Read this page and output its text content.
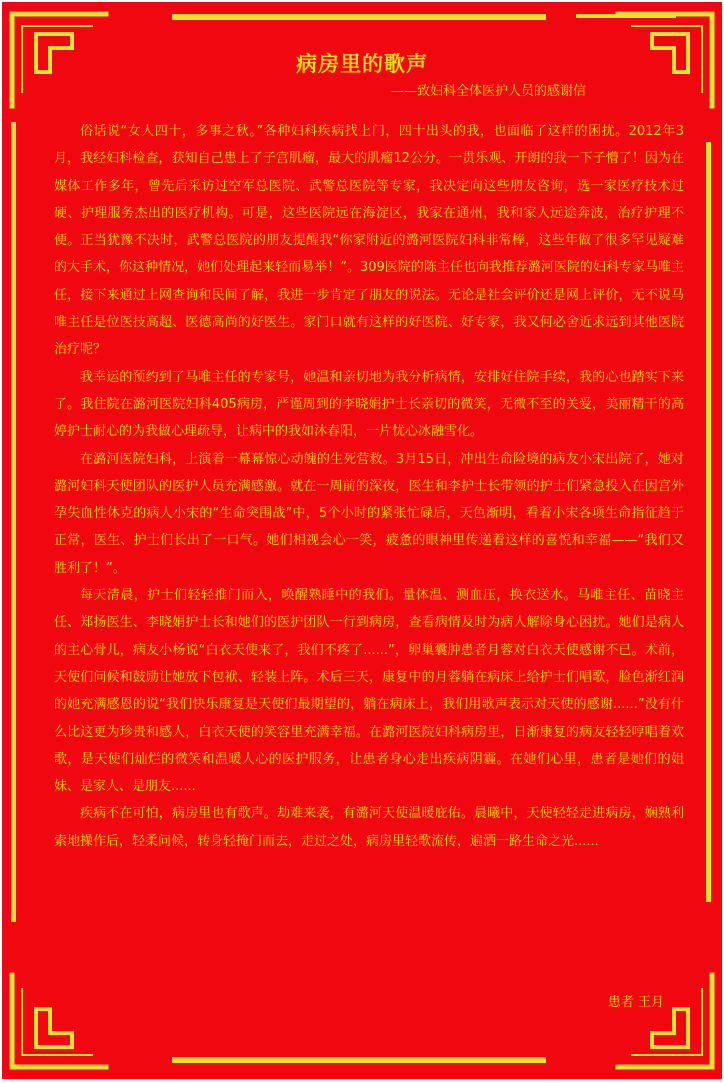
病房里的歌声
——致妇科全体医护人员的感谢信

俗话说“女人四十，多事之秋。”各种妇科疾病找上门，四十出头的我，也面临了这样的困扰。2012年3月，我经妇科检查，获知自己患上了子宫肌瘤，最大的肌瘤12公分。一贯乐观、开朗的我一下子懵了！因为在媒体工作多年，曾先后采访过空军总医院、武警总医院等专家，我决定向这些朋友咨询，选一家医疗技术过硬、护理服务杰出的医疗机构。可是，这些医院远在海淀区，我家在通州，我和家人远途奔波，治疗护理不便。正当犹豫不决时，武警总医院的朋友提醒我“你家附近的潞河医院妇科非常棒，这些年做了很多罕见疑难的大手术，你这种情况，她们处理起来轻而易举！”。309医院的陈主任也向我推荐潞河医院的妇科专家马唯主任，接下来通过上网查询和民间了解，我进一步肯定了朋友的说法。无论是社会评价还是网上评价，无不说马唯主任是位医技高超、医德高尚的好医生。家门口就有这样的好医院、好专家，我又何必舍近求远到其他医院治疗呢？

我幸运的预约到了马唯主任的专家号，她温和亲切地为我分析病情，安排好住院手续，我的心也踏实下来了。我住院在潞河医院妇科405病房，严谨周到的李晓娟护士长亲切的微笑，无微不至的关爱，美丽精干的高婷护士耐心的为我做心理疏导，让病中的我如沐春阳，一片忧心冰融雪化。

在潞河医院妇科，上演着一幕幕惊心动魄的生死营救。3月15日，冲出生命险境的病友小宋出院了，她对潞河妇科天使团队的医护人员充满感激。就在一周前的深夜，医生和李护士长带领的护士们紧急投入在因宫外孕失血性休克的病人小宋的“生命突围战”中，5个小时的紧张忙碌后，天色渐明，看着小宋各项生命指征趋于正常，医生、护士们长出了一口气。她们相视会心一笑，疲惫的眼神里传递着这样的喜悦和幸福——“我们又胜利了！”。

每天清晨，护士们轻轻推门而入，唤醒熟睡中的我们。量体温、测血压，换衣送水。马唯主任、苗晓主任、郑扬医生、李晓娟护士长和她们的医护团队一行到病房，查看病情及时为病人解除身心困扰。她们是病人的主心骨儿，病友小杨说“白衣天使来了，我们不疼了......”，卵巢囊肿患者月蓉对白衣天使感谢不已。术前，天使们问候和鼓励让她放下包袱、轻装上阵。术后三天，康复中的月蓉躺在病床上给护士们唱歌，脸色渐红润的她充满感恩的说“我们快乐康复是天使们最期望的，躺在病床上，我们用歌声表示对天使的感谢......”没有什么比这更为珍贵和感人，白衣天使的笑容里充满幸福。在潞河医院妇科病房里，日渐康复的病友轻轻哼唱着欢歌，是天使们灿烂的微笑和温暖人心的医护服务，让患者身心走出疾病阴霾。在她们心里，患者是她们的姐妹、是家人、是朋友......

疾病不在可怕，病房里也有歌声。劫难来袭，有潞河天使温暖庇佑。晨曦中，天使轻轻走进病房，娴熟利索地操作后，轻柔问候，转身轻掩门而去，走过之处，病房里轻歌流传，遍洒一路生命之光......

患者 王月
